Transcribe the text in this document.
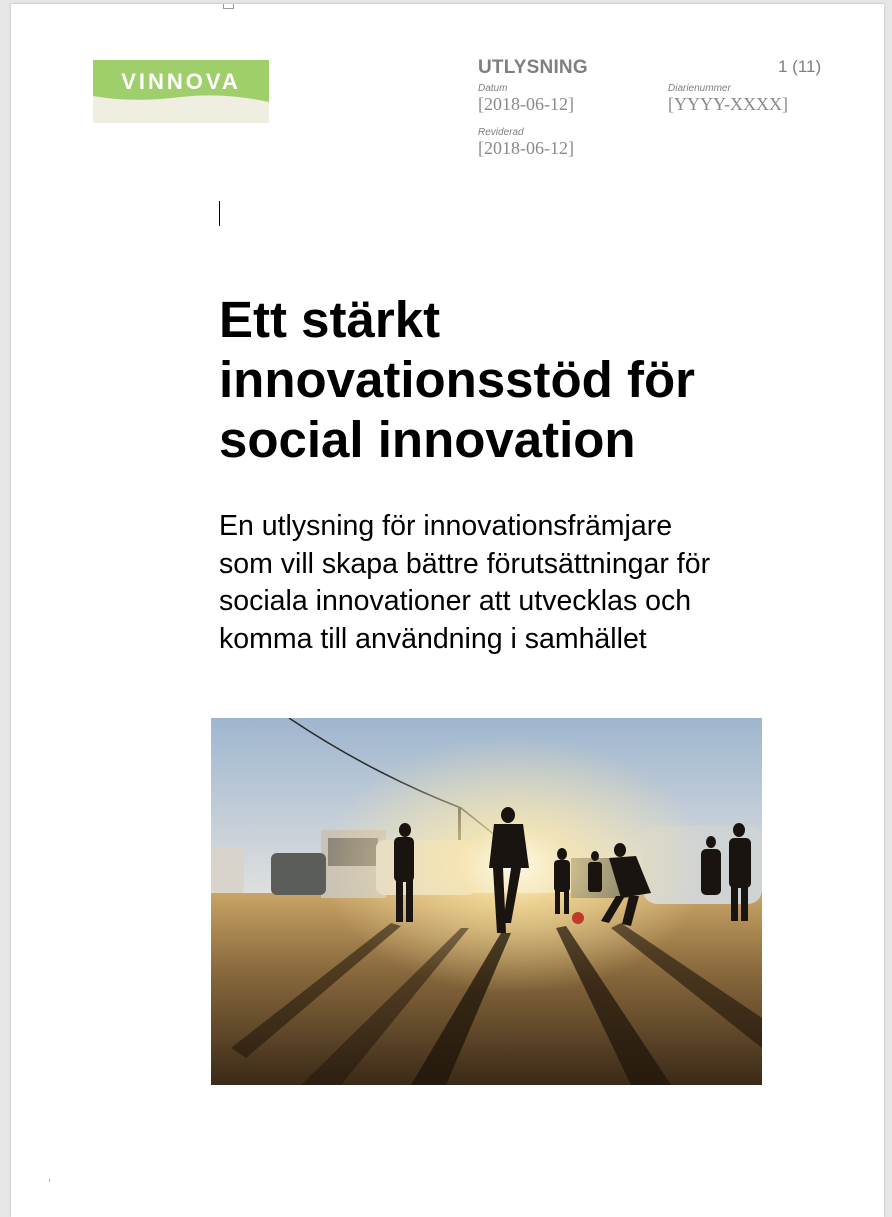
VINNOVA
UTLYSNING	1 (11)
Datum
[2018-06-12]
Diarienummer
[YYYY-XXXX]
Reviderad
[2018-06-12]
Ett stärkt
innovationsstöd för
social innovation
En utlysning för innovationsfrämjare
som vill skapa bättre förutsättningar för
sociala innovationer att utvecklas och
komma till användning i samhället
